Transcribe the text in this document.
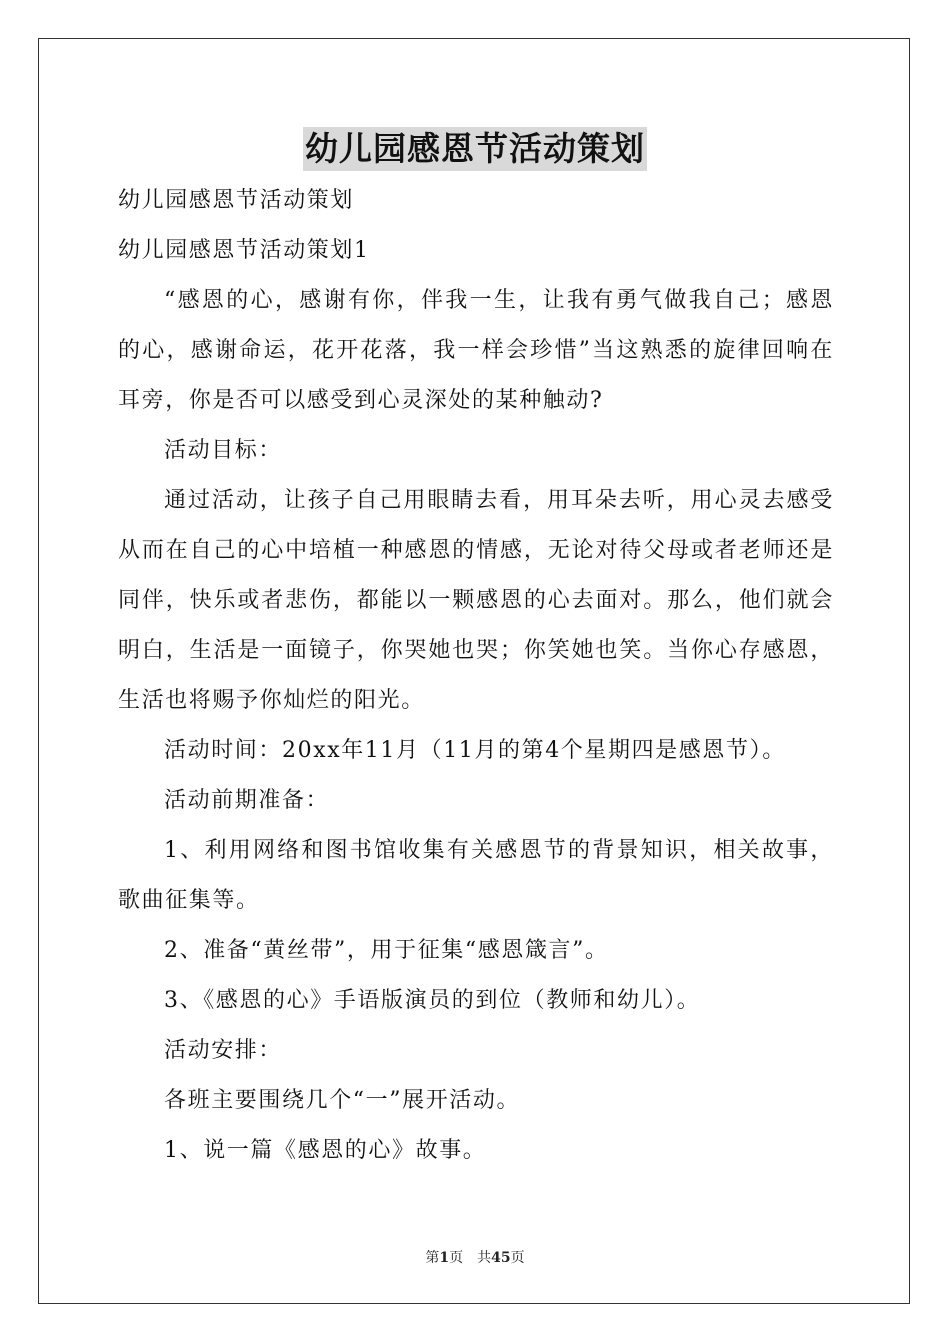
幼儿园感恩节活动策划
幼儿园感恩节活动策划
幼儿园感恩节活动策划1
“感恩的心，感谢有你，伴我一生，让我有勇气做我自己；感恩的心，感谢命运，花开花落，我一样会珍惜”当这熟悉的旋律回响在耳旁，你是否可以感受到心灵深处的某种触动?
活动目标：
通过活动，让孩子自己用眼睛去看，用耳朵去听，用心灵去感受从而在自己的心中培植一种感恩的情感，无论对待父母或者老师还是同伴，快乐或者悲伤，都能以一颗感恩的心去面对。那么，他们就会明白，生活是一面镜子，你哭她也哭；你笑她也笑。当你心存感恩，生活也将赐予你灿烂的阳光。
活动时间：20xx年11月（11月的第4个星期四是感恩节）。
活动前期准备：
1、利用网络和图书馆收集有关感恩节的背景知识，相关故事，歌曲征集等。
2、准备“黄丝带”，用于征集“感恩箴言”。
3、《感恩的心》手语版演员的到位（教师和幼儿）。
活动安排：
各班主要围绕几个“一”展开活动。
1、说一篇《感恩的心》故事。
第1页 共45页
